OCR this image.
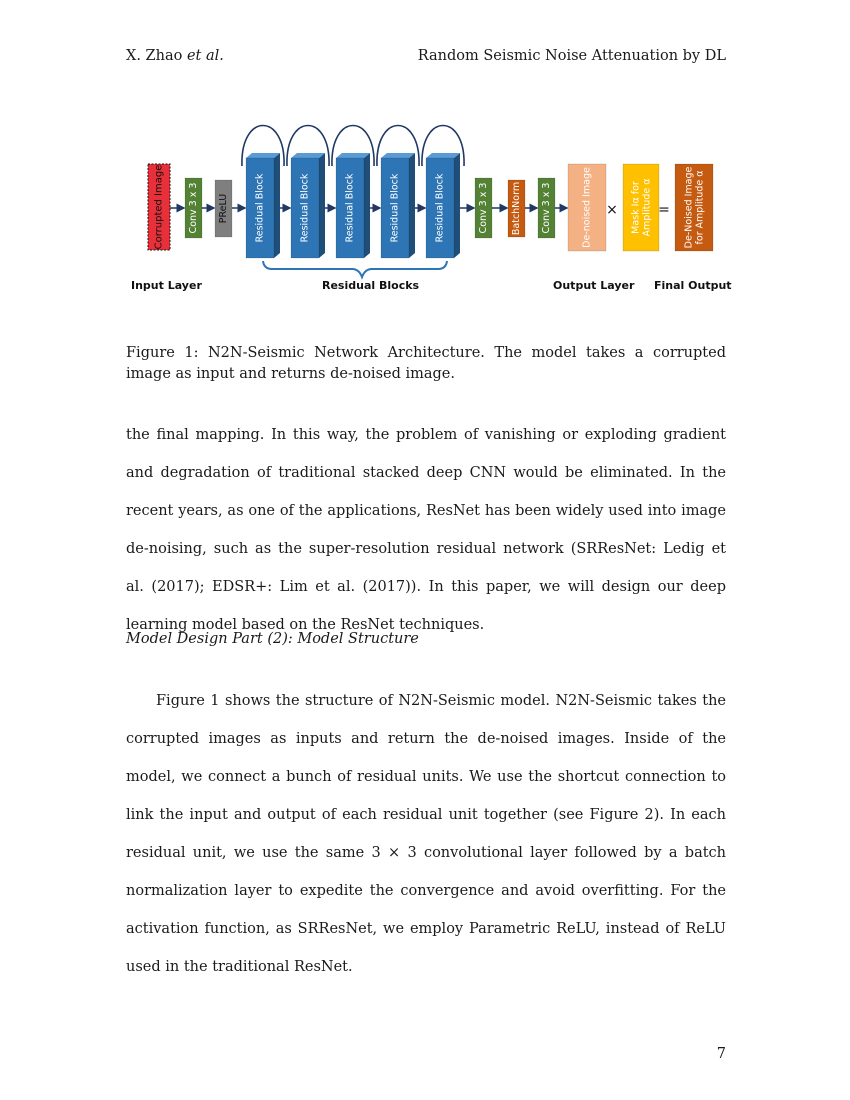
X. Zhao et al.	Random Seismic Noise Attenuation by DL
Corrupted Image Conv 3 x 3 PReLU	Residual Block	Residual Block	Residual Block	Residual Block	Residual Block	Conv 3 x 3 BatchNorm Conv 3 x 3	De-noised Image	Mask Iα forAmplitude α	De-Noised Imagefor Amplitude α
×	=
Input Layer	Residual Blocks	Output Layer Final Output
Figure 1: N2N-Seismic Network Architecture. The model takes a corrupted image as input and returns de-noised image.
the final mapping. In this way, the problem of vanishing or exploding gradient and degradation of traditional stacked deep CNN would be eliminated. In the recent years, as one of the applications, ResNet has been widely used into image de-noising, such as the super-resolution residual network (SRResNet: Ledig et al. (2017); EDSR+: Lim et al. (2017)). In this paper, we will design our deep learning model based on the ResNet techniques.
Model Design Part (2): Model Structure
Figure 1 shows the structure of N2N-Seismic model. N2N-Seismic takes the corrupted images as inputs and return the de-noised images. Inside of the model, we connect a bunch of residual units. We use the shortcut connection to link the input and output of each residual unit together (see Figure 2). In each residual unit, we use the same 3 × 3 convolutional layer followed by a batch normalization layer to expedite the convergence and avoid overfitting. For the activation function, as SRResNet, we employ Parametric ReLU, instead of ReLU used in the traditional ResNet.
7
